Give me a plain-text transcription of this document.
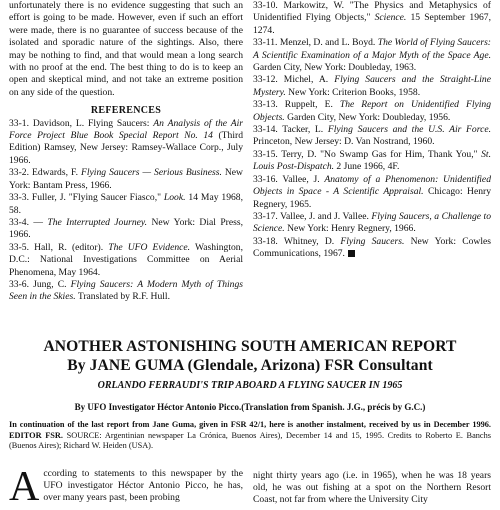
unfortunately there is no evidence suggesting that such an effort is going to be made. However, even if such an effort were made, there is no guarantee of success because of the isolated and sporadic nature of the sightings. Also, there may be nothing to find, and that would mean a long search with no proof at the end. The best thing to do is to keep an open and skeptical mind, and not take an extreme position on any side of the question.

REFERENCES

33-1. Davidson, L. Flying Saucers: An Analysis of the Air Force Project Blue Book Special Report No. 14 (Third Edition) Ramsey, New Jersey: Ramsey-Wallace Corp., July 1966.

33-2. Edwards, F. Flying Saucers — Serious Business. New York: Bantam Press, 1966.

33-3. Fuller, J. "Flying Saucer Fiasco," Look. 14 May 1968, 58.

33-4. — The Interrupted Journey. New York: Dial Press, 1966.

33-5. Hall, R. (editor). The UFO Evidence. Washington, D.C.: National Investigations Committee on Aerial Phenomena, May 1964.

33-6. Jung, C. Flying Saucers: A Modern Myth of Things Seen in the Skies. Translated by R.F. Hull.

33-10. Markowitz, W. "The Physics and Metaphysics of Unidentified Flying Objects," Science. 15 September 1967, 1274.

33-11. Menzel, D. and L. Boyd. The World of Flying Saucers: A Scientific Examination of a Major Myth of the Space Age. Garden City, New York: Doubleday, 1963.

33-12. Michel, A. Flying Saucers and the Straight-Line Mystery. New York: Criterion Books, 1958.

33-13. Ruppelt, E. The Report on Unidentified Flying Objects. Garden City, New York: Doubleday, 1956.

33-14. Tacker, L. Flying Saucers and the U.S. Air Force. Princeton, New Jersey: D. Van Nostrand, 1960.

33-15. Terry, D. "No Swamp Gas for Him, Thank You," St. Louis Post-Dispatch. 2 June 1966, 4F.

33-16. Vallee, J. Anatomy of a Phenomenon: Unidentified Objects in Space - A Scientific Appraisal. Chicago: Henry Regnery, 1965.

33-17. Vallee, J. and J. Vallee. Flying Saucers, a Challenge to Science. New York: Henry Regnery, 1966.

33-18. Whitney, D. Flying Saucers. New York: Cowles Communications, 1967.

ANOTHER ASTONISHING SOUTH AMERICAN REPORT
By JANE GUMA (Glendale, Arizona) FSR Consultant
ORLANDO FERRAUDI'S TRIP ABOARD A FLYING SAUCER IN 1965
By UFO Investigator Héctor Antonio Picco.(Translation from Spanish. J.G., précis by G.C.)
In continuation of the last report from Jane Guma, given in FSR 42/1, here is another instalment, received by us in December 1996. EDITOR FSR. SOURCE: Argentinian newspaper La Crónica, Buenos Aires), December 14 and 15, 1995. Credits to Roberto E. Banchs (Buenos Aires); Richard W. Heiden (USA).
According to statements to this newspaper by the UFO investigator Héctor Antonio Picco, he has, over many years past, been probing
night thirty years ago (i.e. in 1965), when he was 18 years old, he was out fishing at a spot on the Northern Resort Coast, not far from where the University City
